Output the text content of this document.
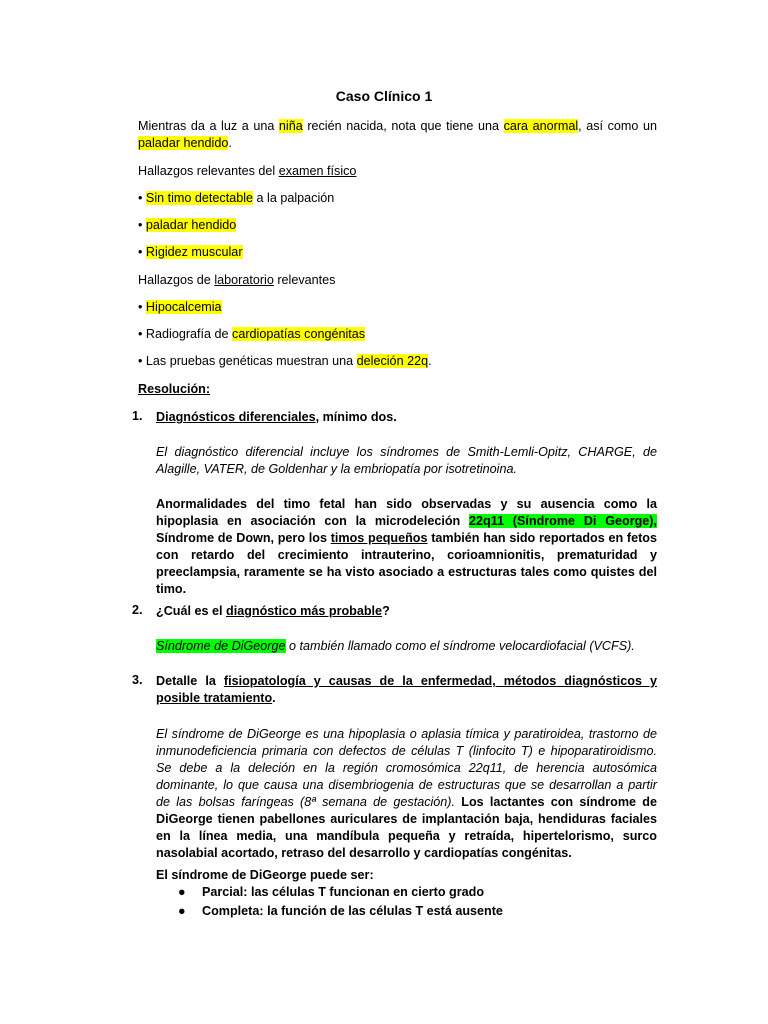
Caso Clínico 1
Mientras da a luz a una niña recién nacida, nota que tiene una cara anormal, así como un paladar hendido.
Hallazgos relevantes del examen físico
• Sin timo detectable a la palpación
• paladar hendido
• Rigidez muscular
Hallazgos de laboratorio relevantes
• Hipocalcemia
• Radiografía de cardiopatías congénitas
• Las pruebas genéticas muestran una deleción 22q.
Resolución:
1. Diagnósticos diferenciales, mínimo dos.
El diagnóstico diferencial incluye los síndromes de Smith-Lemli-Opitz, CHARGE, de Alagille, VATER, de Goldenhar y la embriopatía por isotretinoina.
Anormalidades del timo fetal han sido observadas y su ausencia como la hipoplasia en asociación con la microdeleción 22q11 (Síndrome Di George), Síndrome de Down, pero los timos pequeños también han sido reportados en fetos con retardo del crecimiento intrauterino, corioamnionitis, prematuridad y preeclampsia, raramente se ha visto asociado a estructuras tales como quistes del timo.
2. ¿Cuál es el diagnóstico más probable?
Síndrome de DiGeorge o también llamado como el síndrome velocardiofacial (VCFS).
3. Detalle la fisiopatología y causas de la enfermedad, métodos diagnósticos y posible tratamiento.
El síndrome de DiGeorge es una hipoplasia o aplasia tímica y paratiroidea, trastorno de inmunodeficiencia primaria con defectos de células T (linfocito T) e hipoparatiroidismo. Se debe a la deleción en la región cromosómica 22q11, de herencia autosómica dominante, lo que causa una disembriogenia de estructuras que se desarrollan a partir de las bolsas faríngeas (8ª semana de gestación). Los lactantes con síndrome de DiGeorge tienen pabellones auriculares de implantación baja, hendiduras faciales en la línea media, una mandíbula pequeña y retraída, hipertelorismo, surco nasolabial acortado, retraso del desarrollo y cardiopatías congénitas.
El síndrome de DiGeorge puede ser:
● Parcial: las células T funcionan en cierto grado
● Completa: la función de las células T está ausente
